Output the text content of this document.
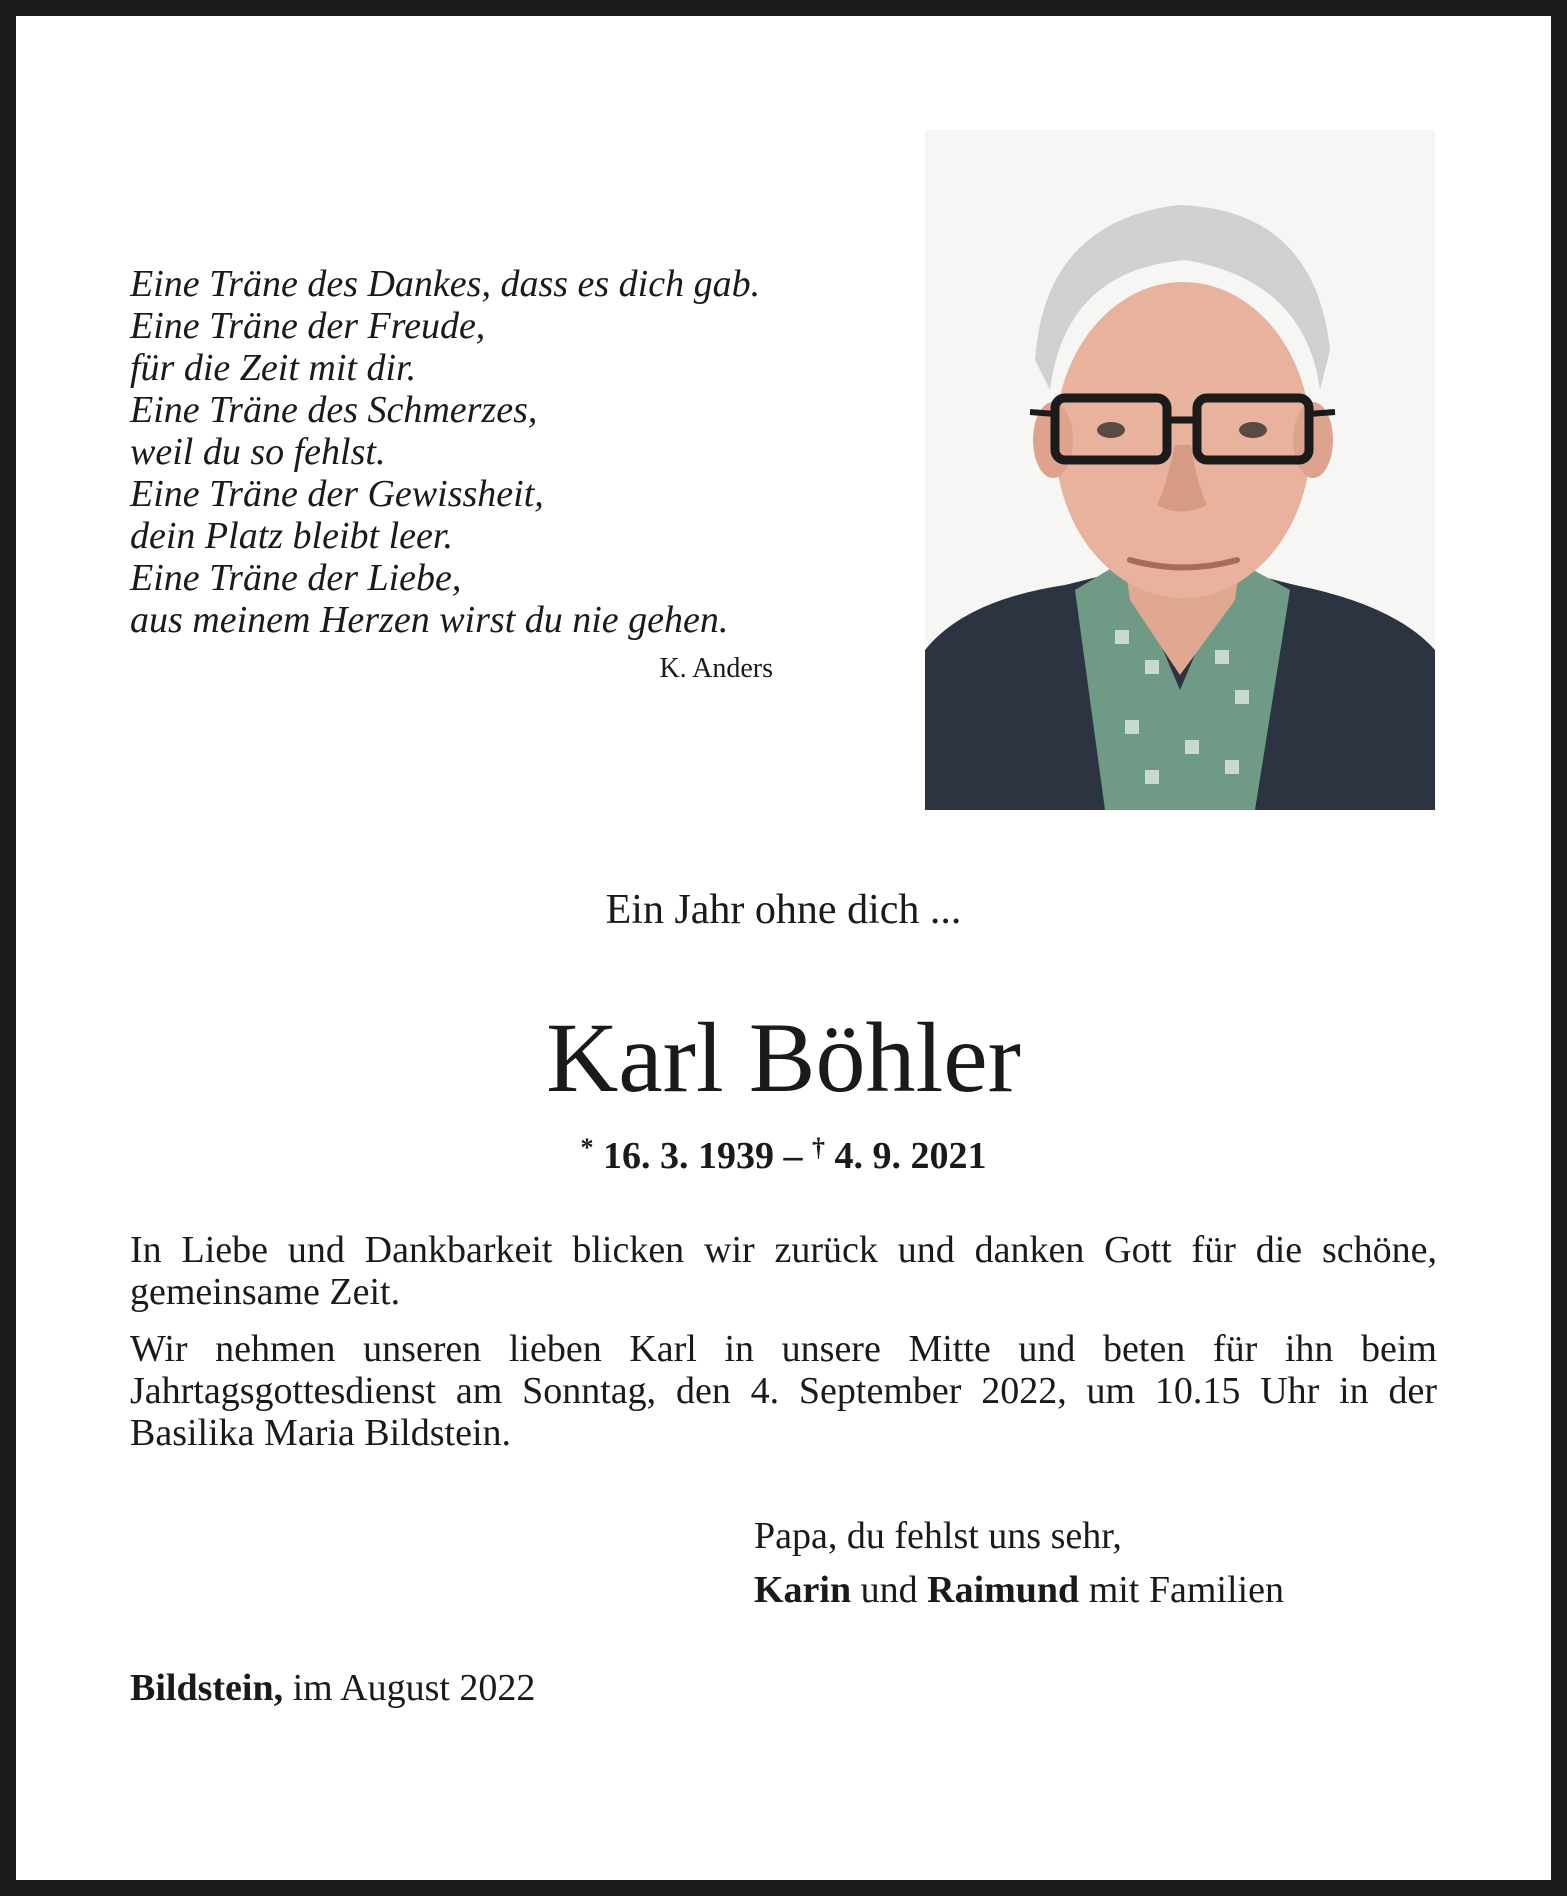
Eine Träne des Dankes, dass es dich gab.
Eine Träne der Freude,
für die Zeit mit dir.
Eine Träne des Schmerzes,
weil du so fehlst.
Eine Träne der Gewissheit,
dein Platz bleibt leer.
Eine Träne der Liebe,
aus meinem Herzen wirst du nie gehen.
K. Anders
Ein Jahr ohne dich ...
Karl Böhler
* 16. 3. 1939 – † 4. 9. 2021
In Liebe und Dankbarkeit blicken wir zurück und danken Gott für die schöne, gemeinsame Zeit.
Wir nehmen unseren lieben Karl in unsere Mitte und beten für ihn beim Jahrtagsgottesdienst am Sonntag, den 4. September 2022, um 10.15 Uhr in der Basilika Maria Bildstein.
Papa, du fehlst uns sehr,
Karin und Raimund mit Familien
Bildstein, im August 2022
